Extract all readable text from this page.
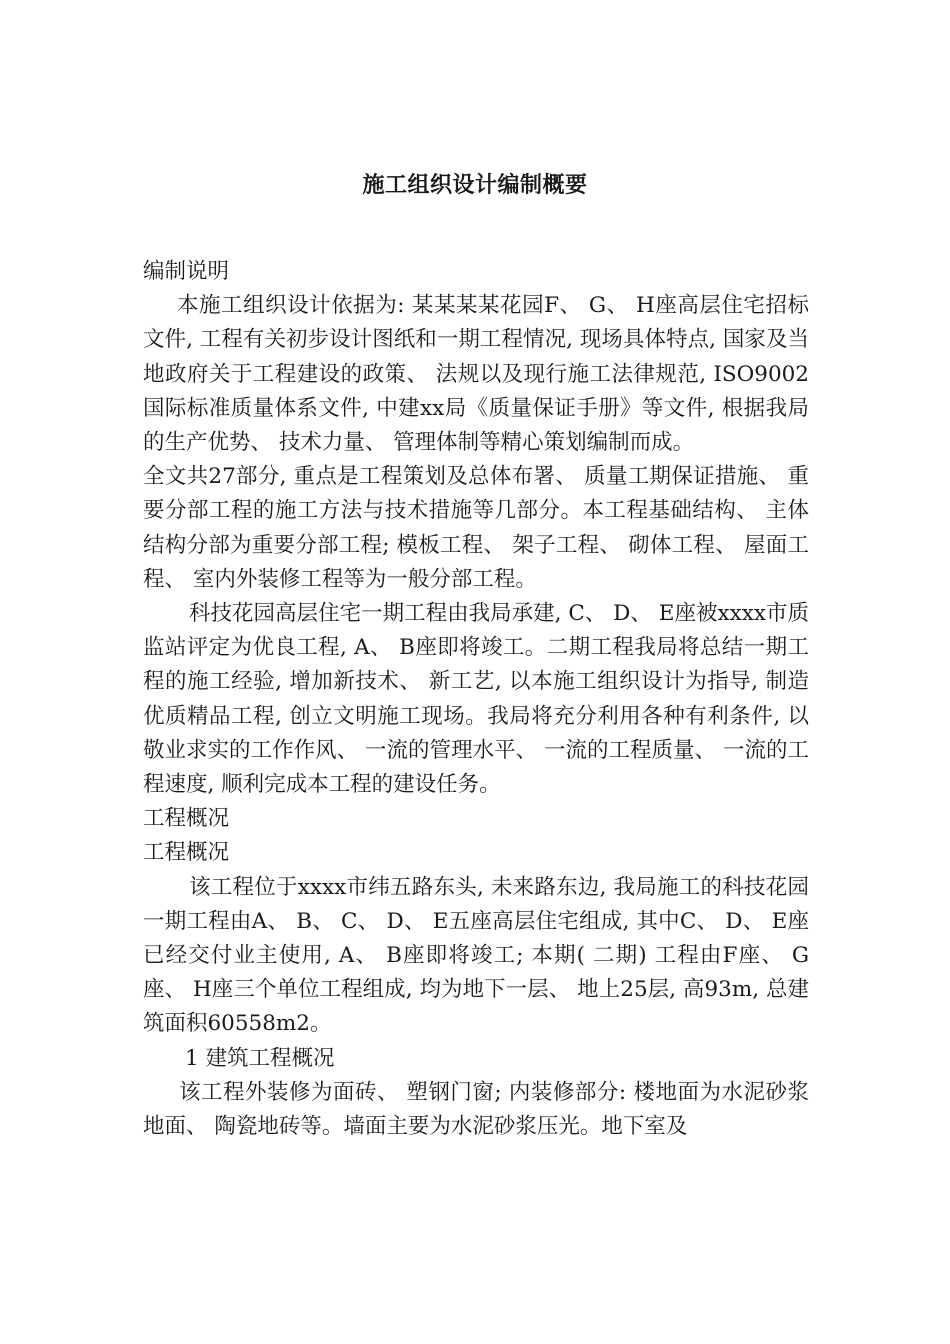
施工组织设计编制概要

编制说明

本施工组织设计依据为: 某某某某花园F、 G、 H座高层住宅招标文件, 工程有关初步设计图纸和一期工程情况, 现场具体特点, 国家及当地政府关于工程建设的政策、 法规以及现行施工法律规范, ISO9002国际标准质量体系文件, 中建xx局《质量保证手册》等文件, 根据我局的生产优势、 技术力量、 管理体制等精心策划编制而成。

全文共27部分, 重点是工程策划及总体布署、 质量工期保证措施、 重要分部工程的施工方法与技术措施等几部分。本工程基础结构、 主体结构分部为重要分部工程; 模板工程、 架子工程、 砌体工程、 屋面工程、 室内外装修工程等为一般分部工程。

科技花园高层住宅一期工程由我局承建, C、 D、 E座被xxxx市质监站评定为优良工程, A、 B座即将竣工。二期工程我局将总结一期工程的施工经验, 增加新技术、 新工艺, 以本施工组织设计为指导, 制造优质精品工程, 创立文明施工现场。我局将充分利用各种有利条件, 以敬业求实的工作作风、 一流的管理水平、 一流的工程质量、 一流的工程速度, 顺利完成本工程的建设任务。

工程概况

工程概况

该工程位于xxxx市纬五路东头, 未来路东边, 我局施工的科技花园一期工程由A、 B、 C、 D、 E五座高层住宅组成, 其中C、 D、 E座已经交付业主使用, A、 B座即将竣工; 本期( 二期) 工程由F座、 G座、 H座三个单位工程组成, 均为地下一层、 地上25层, 高93m, 总建筑面积60558m2。

1 建筑工程概况

该工程外装修为面砖、 塑钢门窗; 内装修部分: 楼地面为水泥砂浆地面、 陶瓷地砖等。墙面主要为水泥砂浆压光。地下室及
